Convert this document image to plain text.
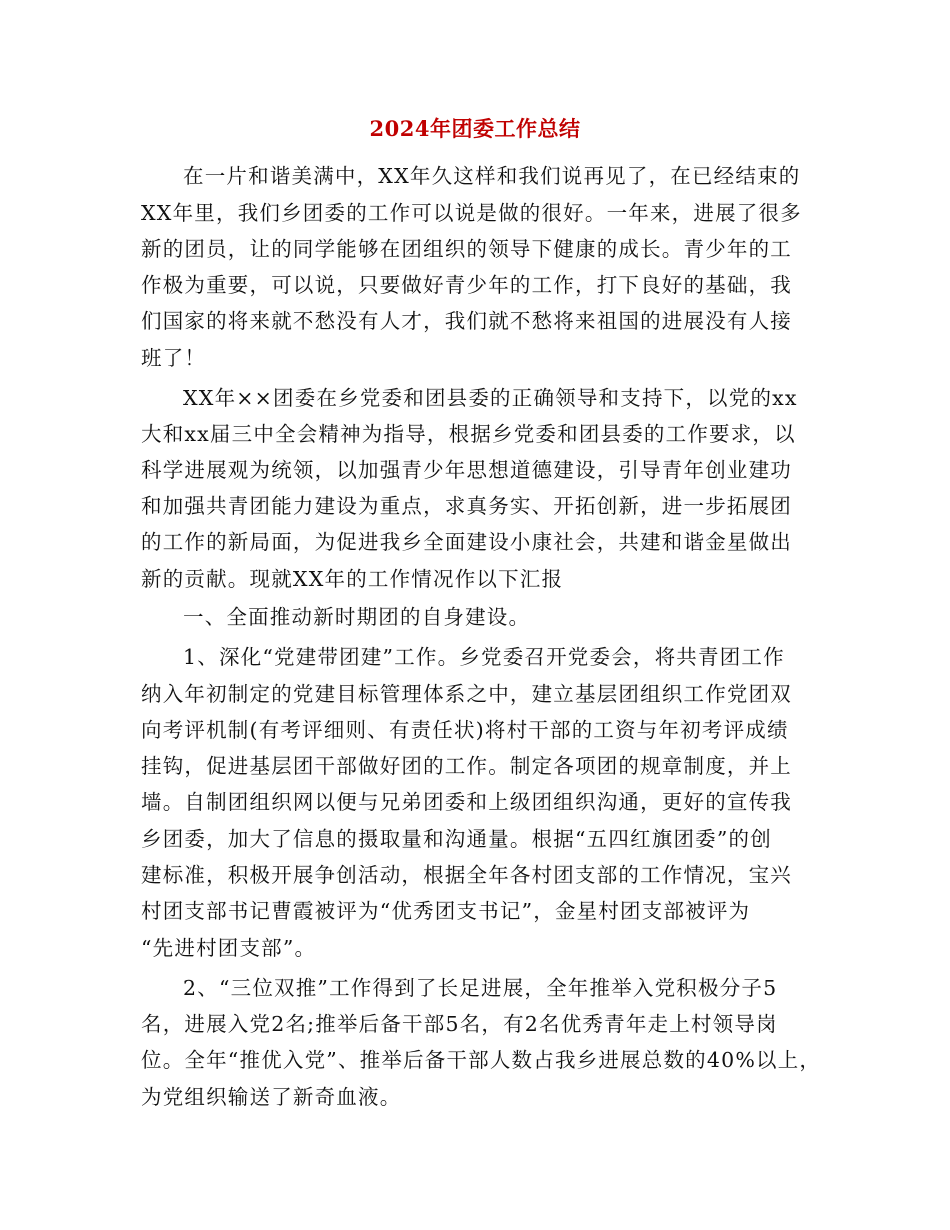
2024年团委工作总结
在一片和谐美满中，XX年久这样和我们说再见了，在已经结束的
XX年里，我们乡团委的工作可以说是做的很好。一年来，进展了很多
新的团员，让的同学能够在团组织的领导下健康的成长。青少年的工
作极为重要，可以说，只要做好青少年的工作，打下良好的基础，我
们国家的将来就不愁没有人才，我们就不愁将来祖国的进展没有人接
班了！
XX年××团委在乡党委和团县委的正确领导和支持下，以党的xx
大和xx届三中全会精神为指导，根据乡党委和团县委的工作要求，以
科学进展观为统领，以加强青少年思想道德建设，引导青年创业建功
和加强共青团能力建设为重点，求真务实、开拓创新，进一步拓展团
的工作的新局面，为促进我乡全面建设小康社会，共建和谐金星做出
新的贡献。现就XX年的工作情况作以下汇报
一、全面推动新时期团的自身建设。
1、深化“党建带团建”工作。乡党委召开党委会，将共青团工作
纳入年初制定的党建目标管理体系之中，建立基层团组织工作党团双
向考评机制(有考评细则、有责任状)将村干部的工资与年初考评成绩
挂钩，促进基层团干部做好团的工作。制定各项团的规章制度，并上
墙。自制团组织网以便与兄弟团委和上级团组织沟通，更好的宣传我
乡团委，加大了信息的摄取量和沟通量。根据“五四红旗团委”的创
建标准，积极开展争创活动，根据全年各村团支部的工作情况，宝兴
村团支部书记曹霞被评为“优秀团支书记”，金星村团支部被评为
“先进村团支部”。
2、“三位双推”工作得到了长足进展，全年推举入党积极分子5
名，进展入党2名;推举后备干部5名，有2名优秀青年走上村领导岗
位。全年“推优入党”、推举后备干部人数占我乡进展总数的40%以上，
为党组织输送了新奇血液。
